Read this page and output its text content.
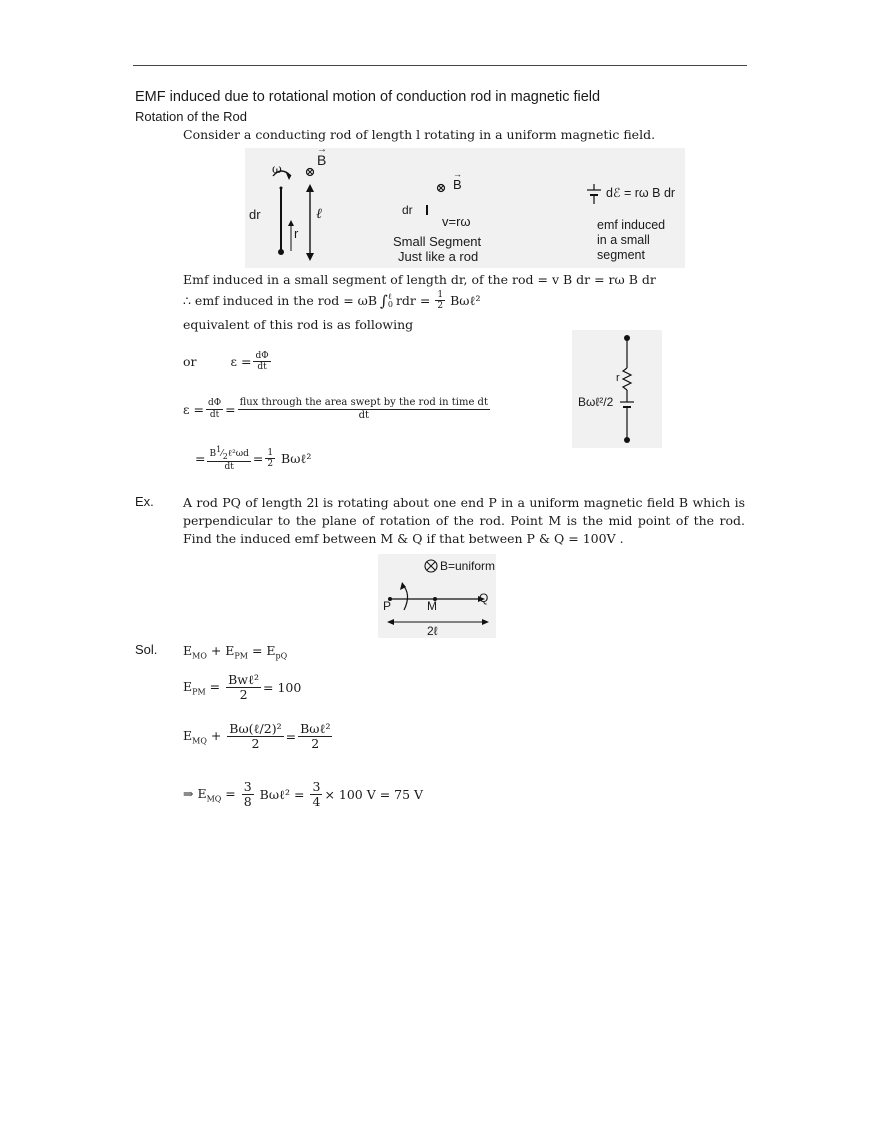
EMF induced due to rotational motion of conduction rod in magnetic field
Rotation of the Rod
Consider a conducting rod of length l rotating in a uniform magnetic field.
ω
B
→
dr
r
ℓ
B
→
dr
v=rω
Small Segment
Just like a rod
dℰ = rω B dr
emf induced
in a small
segment
Emf induced in a small segment of length dr, of the rod = v B dr = rω B dr
∴ emf induced in the rod = ωB ∫ ℓ
0 rdr = $\frac{1}{2}$ Bωℓ²
equivalent of this rod is as following
or	$\varepsilon = \frac{d\Phi}{dt}$
$\varepsilon = \frac{d\Phi}{dt} = \frac{\text{flux through the area swept by the rod in time dt}}{dt}$
= $\frac{B^1⁄_2\ell^2\omega d}{dt} = \frac{1}{2}$ Bωℓ²
r
Bωℓ²/2
Ex. A rod PQ of length 2l is rotating about one end P in a uniform magnetic field B which is perpendicular to the plane of rotation of the rod. Point M is the mid point of the rod. Find the induced emf between M & Q if that between P & Q = 100V .
B=uniform
P	M
Q
2ℓ
Sol. $E_{MO} + E_{PM} = E_{pQ}$
$E_{PM} = \frac{\text{Bwℓ²}}{2} = 100$
$E_{MQ} + \frac{\text{Bω(ℓ/2)²}}{2} = \frac{\text{Bωℓ²}}{2}$
⇒ $E_{MQ} = \frac{3}{8}$ Bωℓ² = $\frac{3}{4} \times 100$ V = 75 V
